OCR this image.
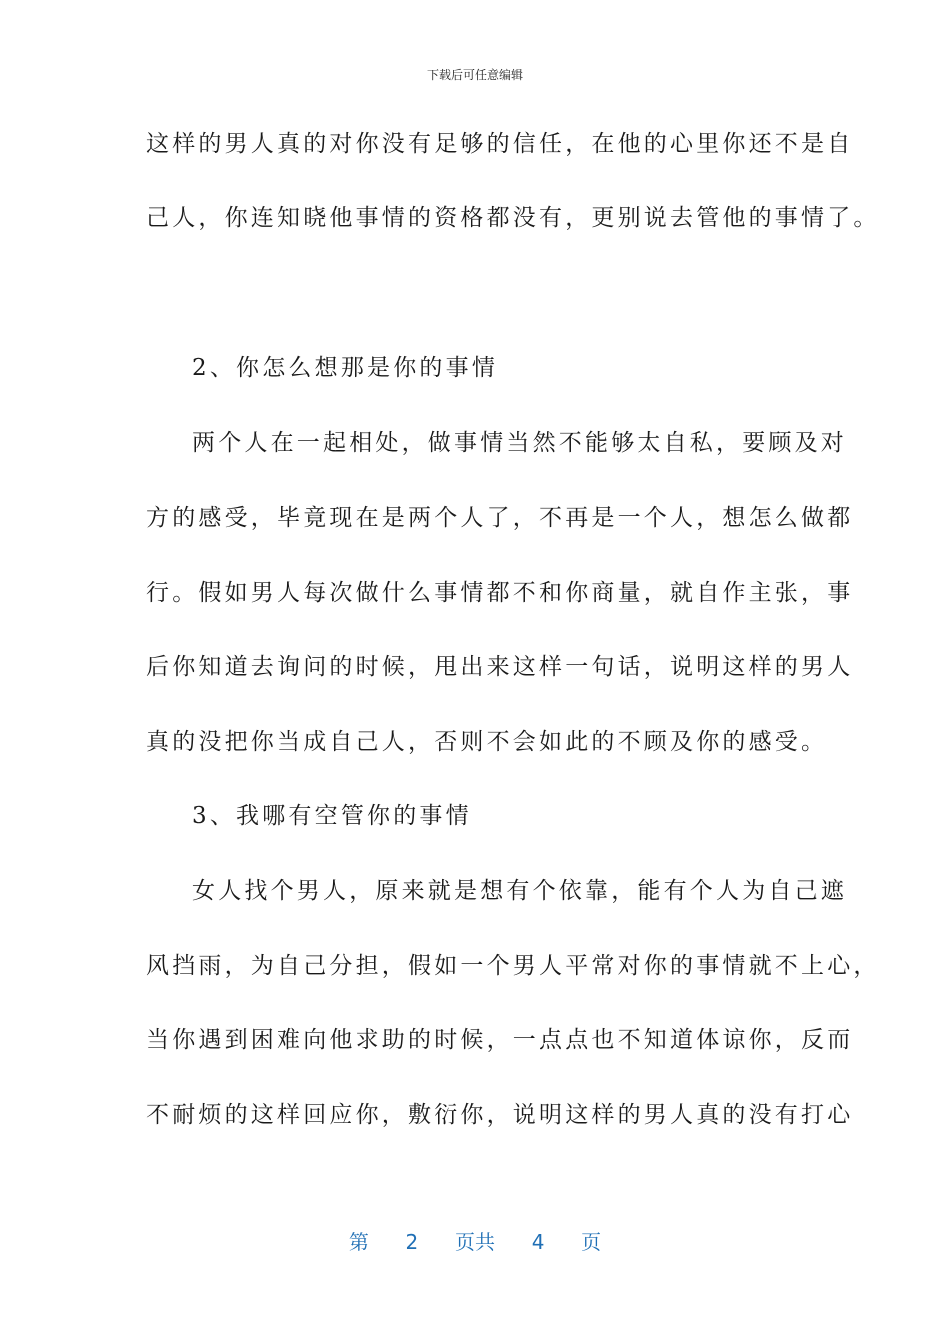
下载后可任意编辑
这样的男人真的对你没有足够的信任，在他的心里你还不是自
己人，你连知晓他事情的资格都没有，更别说去管他的事情了。
2、你怎么想那是你的事情
两个人在一起相处，做事情当然不能够太自私，要顾及对
方的感受，毕竟现在是两个人了，不再是一个人，想怎么做都
行。假如男人每次做什么事情都不和你商量，就自作主张，事
后你知道去询问的时候，甩出来这样一句话，说明这样的男人
真的没把你当成自己人，否则不会如此的不顾及你的感受。
3、我哪有空管你的事情
女人找个男人，原来就是想有个依靠，能有个人为自己遮
风挡雨，为自己分担，假如一个男人平常对你的事情就不上心，
当你遇到困难向他求助的时候，一点点也不知道体谅你，反而
不耐烦的这样回应你，敷衍你，说明这样的男人真的没有打心
第 2 页共 4 页
